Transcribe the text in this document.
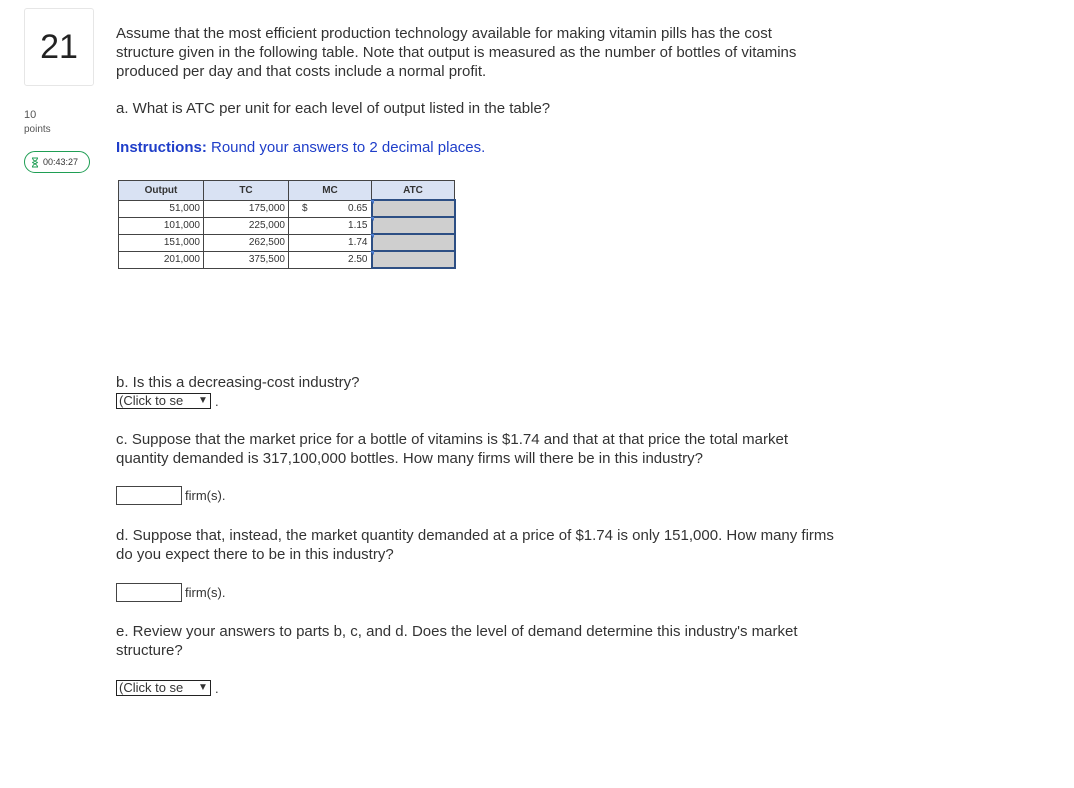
21
10
points
00:43:27
Assume that the most efficient production technology available for making vitamin pills has the cost
structure given in the following table. Note that output is measured as the number of bottles of vitamins
produced per day and that costs include a normal profit.
a. What is ATC per unit for each level of output listed in the table?
Instructions: Round your answers to 2 decimal places.
Output	TC	MC	ATC
51,000	175,000	$ 0.65	
101,000	225,000	1.15	
151,000	262,500	1.74	
201,000	375,500	2.50	
b. Is this a decreasing-cost industry?
(Click to se	▼ .
c. Suppose that the market price for a bottle of vitamins is $1.74 and that at that price the total market
quantity demanded is 317,100,000 bottles. How many firms will there be in this industry?
firm(s).
d. Suppose that, instead, the market quantity demanded at a price of $1.74 is only 151,000. How many firms
do you expect there to be in this industry?
firm(s).
e. Review your answers to parts b, c, and d. Does the level of demand determine this industry's market
structure?
(Click to se	▼ .
